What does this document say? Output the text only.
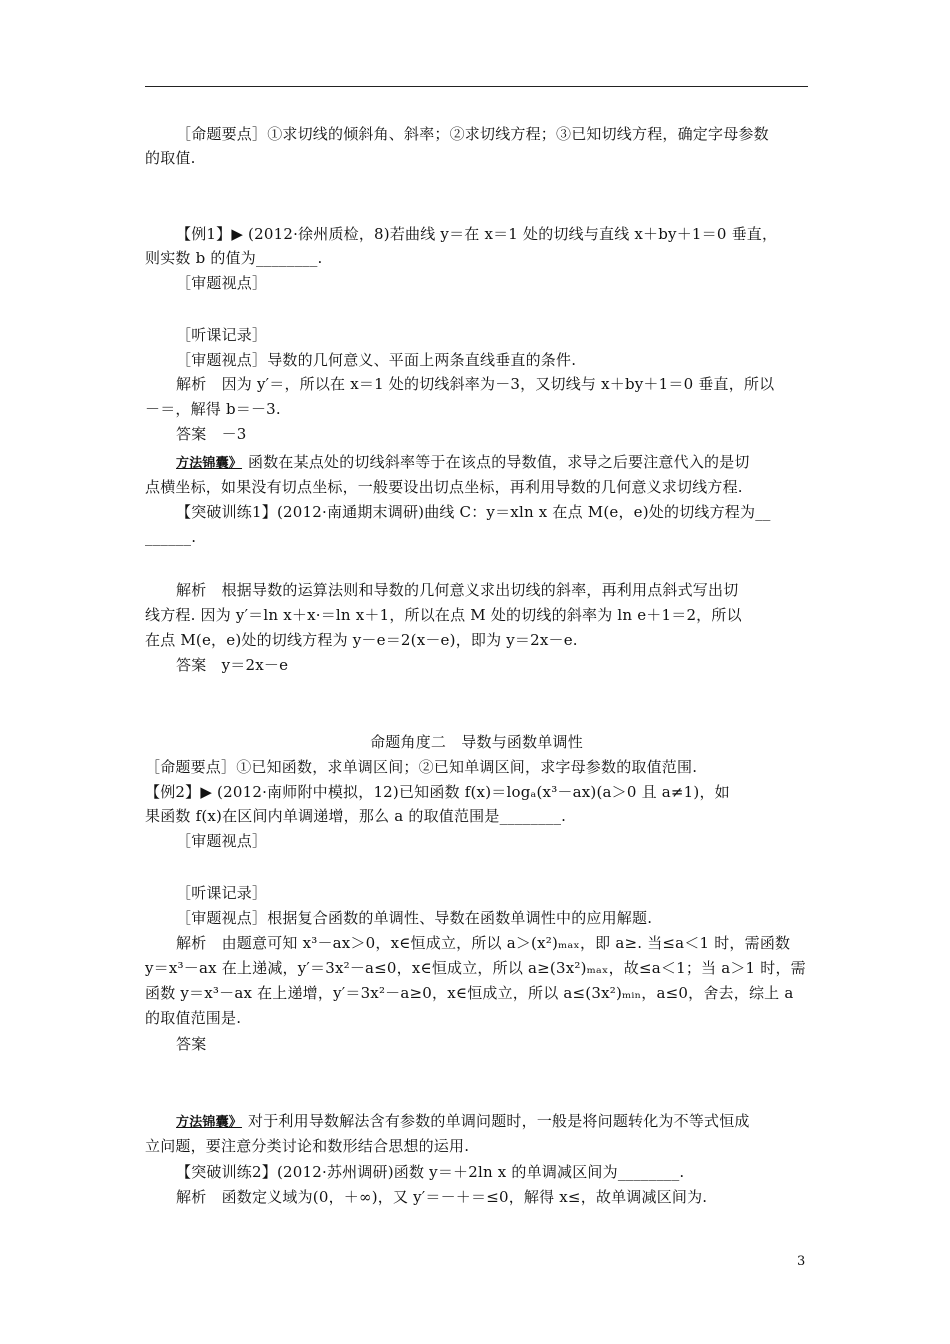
［命题要点］①求切线的倾斜角、斜率；②求切线方程；③已知切线方程，确定字母参数
的取值.
【例1】▶ (2012·徐州质检，8)若曲线 y＝在 x＝1 处的切线与直线 x＋by＋1＝0 垂直，
则实数 b 的值为________.
［审题视点］
［听课记录］
［审题视点］导数的几何意义、平面上两条直线垂直的条件.
解析　因为 y′＝，所以在 x＝1 处的切线斜率为－3，又切线与 x＋by＋1＝0 垂直，所以
－＝，解得 b＝－3.
答案　－3
方法锦囊》 函数在某点处的切线斜率等于在该点的导数值，求导之后要注意代入的是切
点横坐标，如果没有切点坐标，一般要设出切点坐标，再利用导数的几何意义求切线方程.
【突破训练1】(2012·南通期末调研)曲线 C：y＝xln x 在点 M(e，e)处的切线方程为__
______.
解析　根据导数的运算法则和导数的几何意义求出切线的斜率，再利用点斜式写出切
线方程. 因为 y′＝ln x＋x·＝ln x＋1，所以在点 M 处的切线的斜率为 ln e＋1＝2，所以
在点 M(e，e)处的切线方程为 y－e＝2(x－e)，即为 y＝2x－e.
答案　y＝2x－e
命题角度二　导数与函数单调性
［命题要点］①已知函数，求单调区间；②已知单调区间，求字母参数的取值范围.
【例2】▶ (2012·南师附中模拟，12)已知函数 f(x)＝logₐ(x³－ax)(a＞0 且 a≠1)，如
果函数 f(x)在区间内单调递增，那么 a 的取值范围是________.
［审题视点］
［听课记录］
［审题视点］根据复合函数的单调性、导数在函数单调性中的应用解题.
解析　由题意可知 x³－ax＞0，x∈恒成立，所以 a＞(x²)ₘₐₓ，即 a≥. 当≤a＜1 时，需函数
y＝x³－ax 在上递减，y′＝3x²－a≤0，x∈恒成立，所以 a≥(3x²)ₘₐₓ，故≤a＜1；当 a＞1 时，需
函数 y＝x³－ax 在上递增，y′＝3x²－a≥0，x∈恒成立，所以 a≤(3x²)ₘᵢₙ，a≤0，舍去，综上 a
的取值范围是.
答案
方法锦囊》 对于利用导数解法含有参数的单调问题时，一般是将问题转化为不等式恒成
立问题，要注意分类讨论和数形结合思想的运用.
【突破训练2】(2012·苏州调研)函数 y＝＋2ln x 的单调减区间为________.
解析　函数定义域为(0，＋∞)，又 y′＝－＋＝≤0，解得 x≤，故单调减区间为.
3
